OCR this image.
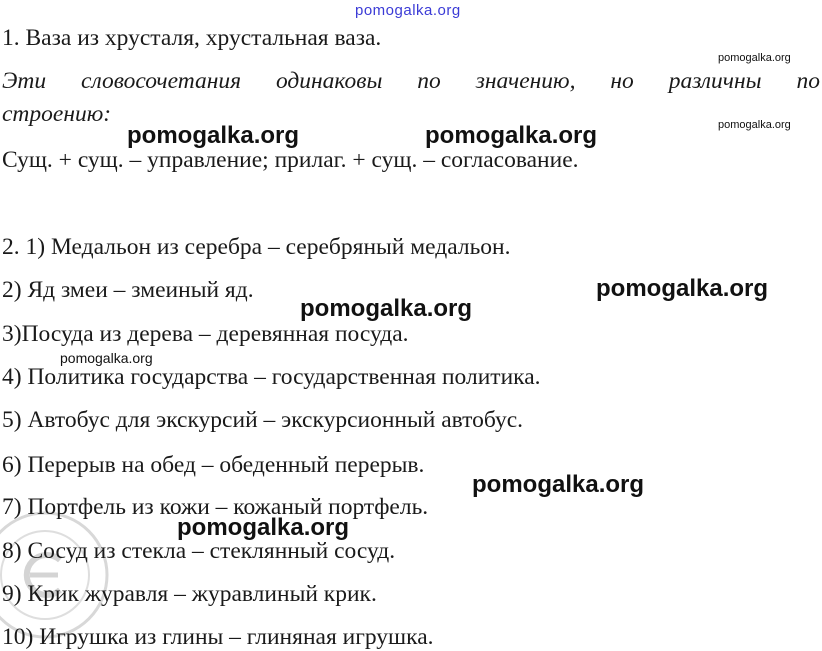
pomogalka.org
1. Ваза из хрусталя, хрустальная ваза.
Эти словосочетания одинаковы по значению, но различны по
строению:
Сущ. + сущ. – управление; прилаг. + сущ. – согласование.
2. 1) Медальон из серебра – серебряный медальон.
2) Яд змеи – змеиный яд.
3)Посуда из дерева – деревянная посуда.
4) Политика государства – государственная политика.
5) Автобус для экскурсий – экскурсионный автобус.
6) Перерыв на обед – обеденный перерыв.
7) Портфель из кожи – кожаный портфель.
8) Сосуд из стекла – стеклянный сосуд.
9) Крик журавля – журавлиный крик.
10) Игрушка из глины – глиняная игрушка.
pomogalka.org
pomogalka.org
pomogalka.org	pomogalka.org
pomogalka.org
pomogalka.org
pomogalka.org
pomogalka.org
pomogalka.org
